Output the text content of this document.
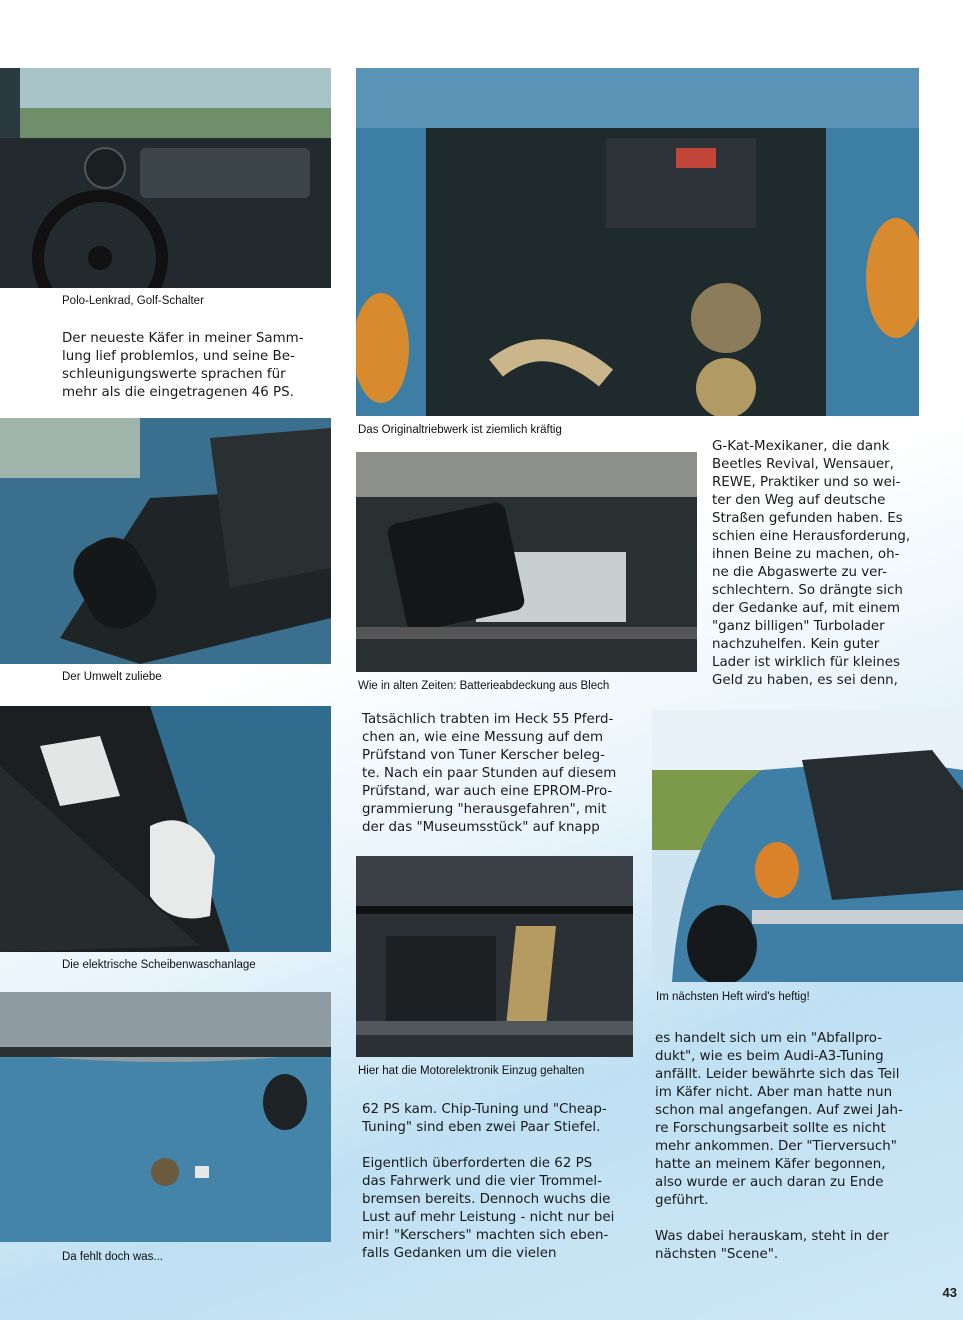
Polo-Lenkrad, Golf-Schalter
Das Originaltriebwerk ist ziemlich kräftig

Der neueste Käfer in meiner Samm-
lung lief problemlos, und seine Be-
schleunigungswerte sprachen für
mehr als die eingetragenen 46 PS.

Der Umwelt zuliebe
Wie in alten Zeiten: Batterieabdeckung aus Blech

G-Kat-Mexikaner, die dank
Beetles Revival, Wensauer,
REWE, Praktiker und so wei-
ter den Weg auf deutsche
Straßen gefunden haben. Es
schien eine Herausforderung,
ihnen Beine zu machen, oh-
ne die Abgaswerte zu ver-
schlechtern. So drängte sich
der Gedanke auf, mit einem
"ganz billigen" Turbolader
nachzuhelfen. Kein guter
Lader ist wirklich für kleines
Geld zu haben, es sei denn,

Die elektrische Scheibenwaschanlage

Tatsächlich trabten im Heck 55 Pferd-
chen an, wie eine Messung auf dem
Prüfstand von Tuner Kerscher beleg-
te. Nach ein paar Stunden auf diesem
Prüfstand, war auch eine EPROM-Pro-
grammierung "herausgefahren", mit
der das "Museumsstück" auf knapp

Im nächsten Heft wird's heftig!
Hier hat die Motorelektronik Einzug gehalten
Da fehlt doch was...

62 PS kam. Chip-Tuning und "Cheap-
Tuning" sind eben zwei Paar Stiefel.

Eigentlich überforderten die 62 PS
das Fahrwerk und die vier Trommel-
bremsen bereits. Dennoch wuchs die
Lust auf mehr Leistung - nicht nur bei
mir! "Kerschers" machten sich eben-
falls Gedanken um die vielen

es handelt sich um ein "Abfallpro-
dukt", wie es beim Audi-A3-Tuning
anfällt. Leider bewährte sich das Teil
im Käfer nicht. Aber man hatte nun
schon mal angefangen. Auf zwei Jah-
re Forschungsarbeit sollte es nicht
mehr ankommen. Der "Tierversuch"
hatte an meinem Käfer begonnen,
also wurde er auch daran zu Ende
geführt.

Was dabei herauskam, steht in der
nächsten "Scene".

43
